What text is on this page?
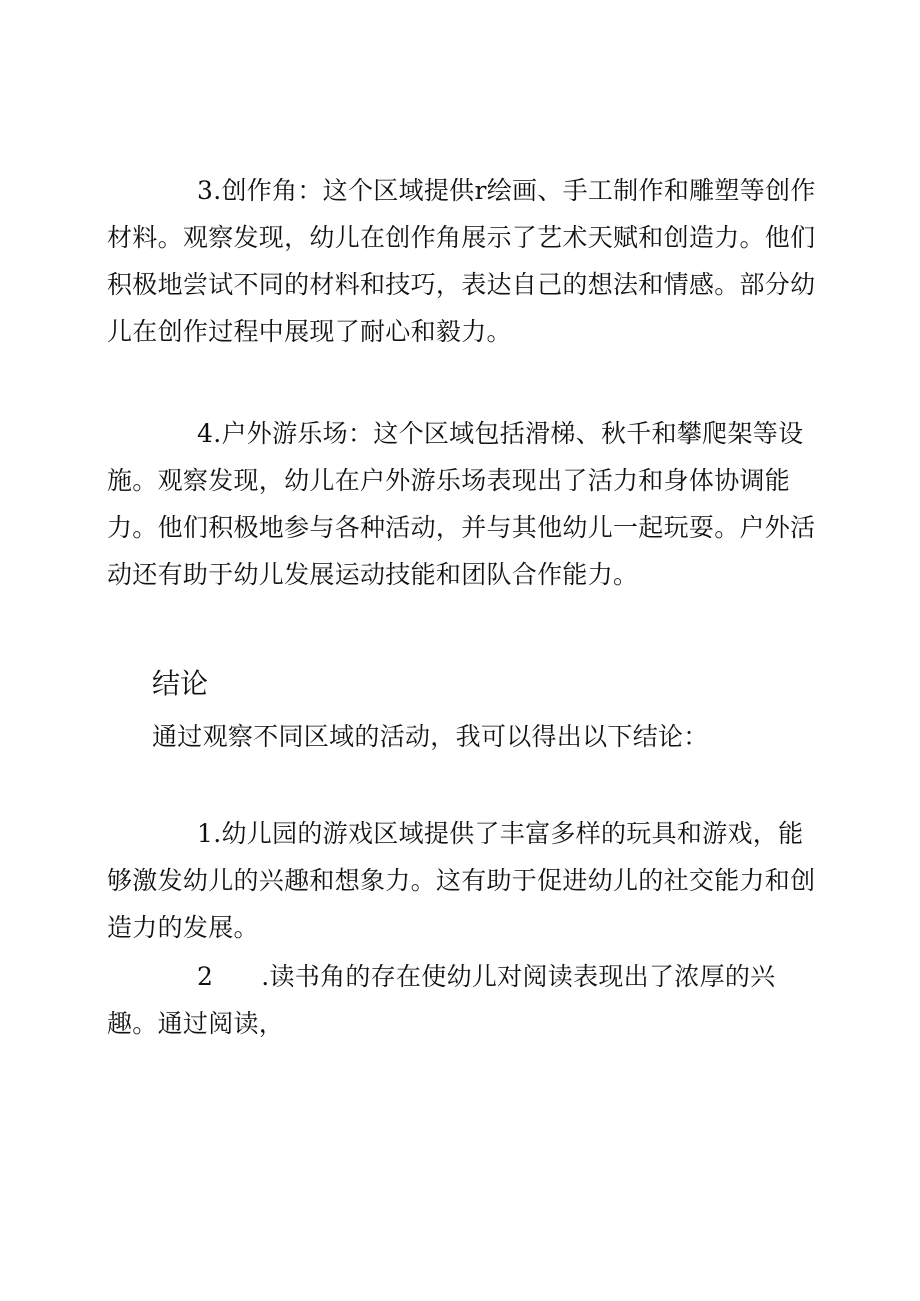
3.创作角：这个区域提供r绘画、手工制作和雕塑等创作材料。观察发现，幼儿在创作角展示了艺术天赋和创造力。他们积极地尝试不同的材料和技巧，表达自己的想法和情感。部分幼儿在创作过程中展现了耐心和毅力。

4.户外游乐场：这个区域包括滑梯、秋千和攀爬架等设施。观察发现，幼儿在户外游乐场表现出了活力和身体协调能力。他们积极地参与各种活动，并与其他幼儿一起玩耍。户外活动还有助于幼儿发展运动技能和团队合作能力。

结论

通过观察不同区域的活动，我可以得出以下结论：

1.幼儿园的游戏区域提供了丰富多样的玩具和游戏，能够激发幼儿的兴趣和想象力。这有助于促进幼儿的社交能力和创造力的发展。

2 .读书角的存在使幼儿对阅读表现出了浓厚的兴趣。通过阅读，
